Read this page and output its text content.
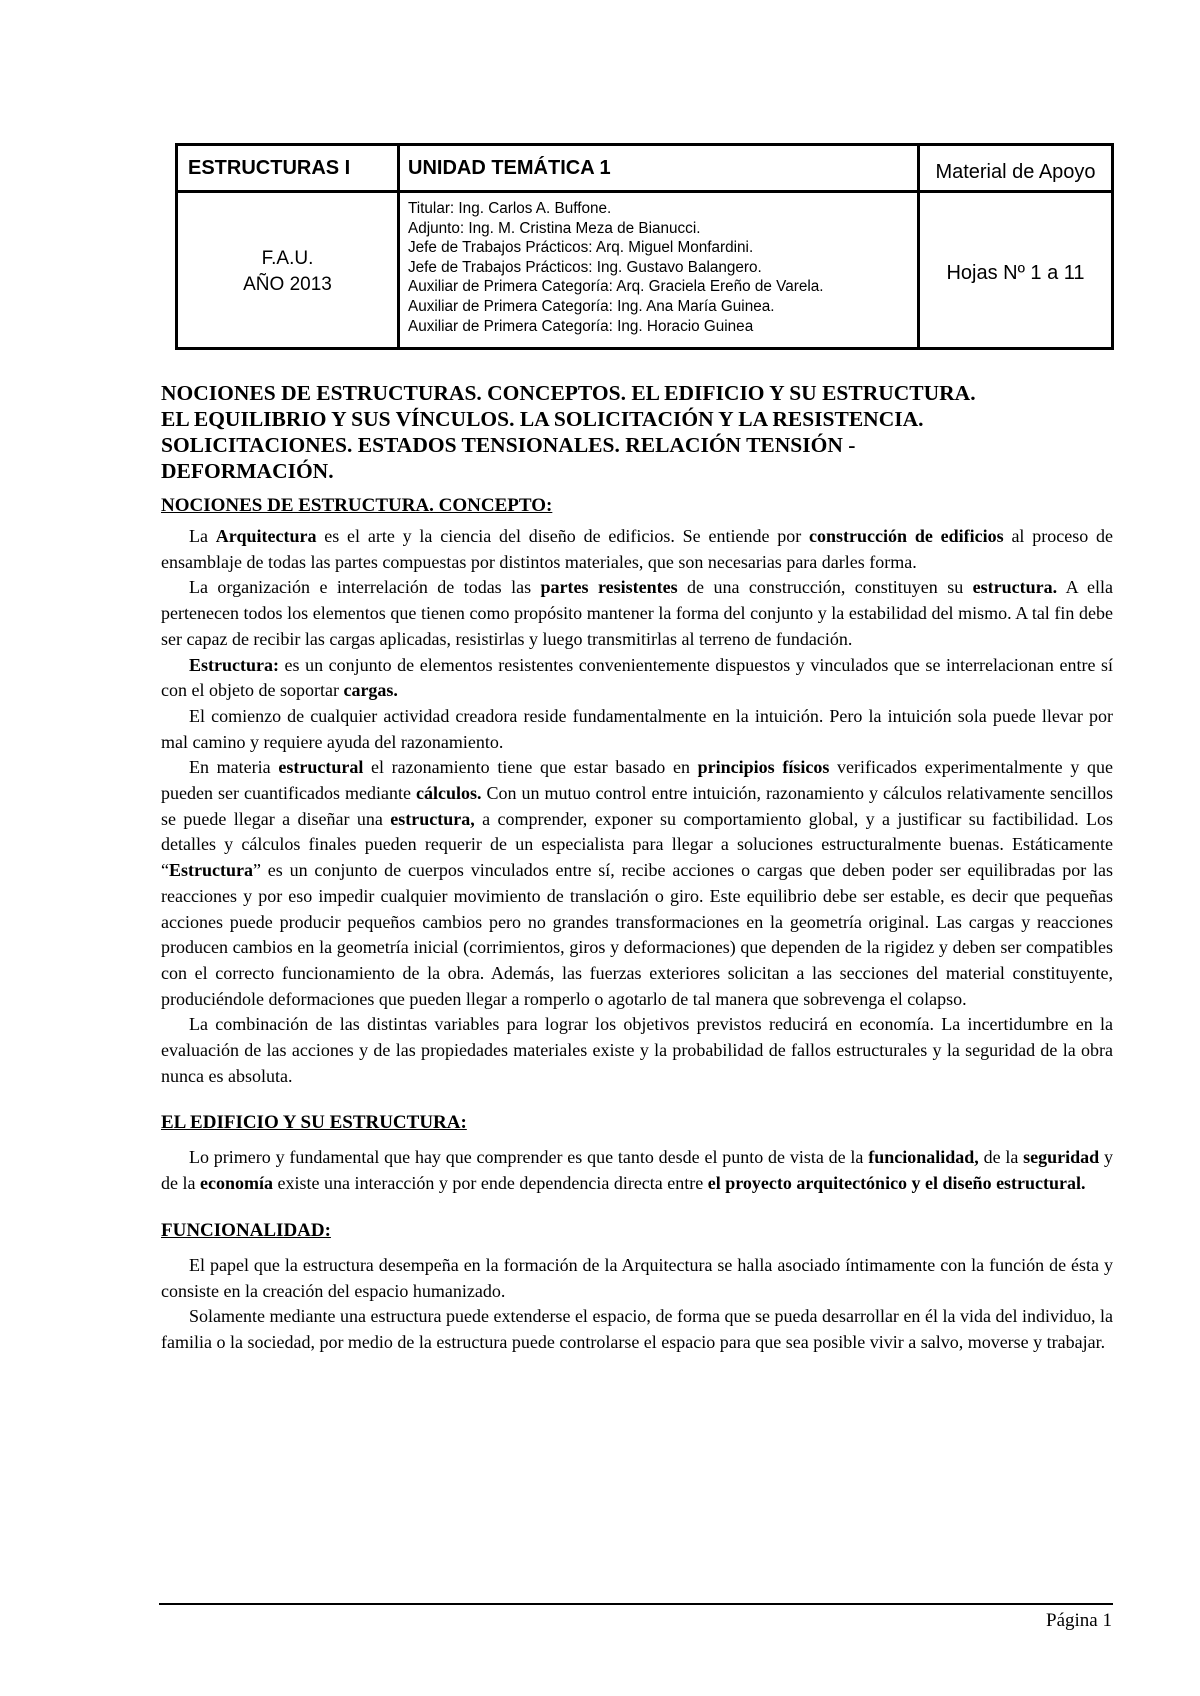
ESTRUCTURAS I
F.A.U.
AÑO 2013
UNIDAD TEMÁTICA 1
Titular: Ing. Carlos A. Buffone.
Adjunto: Ing. M. Cristina Meza de Bianucci.
Jefe de Trabajos Prácticos: Arq. Miguel Monfardini.
Jefe de Trabajos Prácticos: Ing. Gustavo Balangero.
Auxiliar de Primera Categoría: Arq. Graciela Ereño de Varela.
Auxiliar de Primera Categoría: Ing. Ana María Guinea.
Auxiliar de Primera Categoría: Ing. Horacio Guinea
Material de Apoyo
Hojas Nº 1 a 11
NOCIONES DE ESTRUCTURAS. CONCEPTOS. EL EDIFICIO Y SU ESTRUCTURA.
EL EQUILIBRIO Y SUS VÍNCULOS. LA SOLICITACIÓN Y LA RESISTENCIA.
SOLICITACIONES. ESTADOS TENSIONALES. RELACIÓN TENSIÓN -
DEFORMACIÓN.
NOCIONES DE ESTRUCTURA. CONCEPTO:

La Arquitectura es el arte y la ciencia del diseño de edificios. Se entiende por construcción de edificios al proceso de ensamblaje de todas las partes compuestas por distintos materiales, que son necesarias para darles forma.

La organización e interrelación de todas las partes resistentes de una construcción, constituyen su estructura. A ella pertenecen todos los elementos que tienen como propósito mantener la forma del conjunto y la estabilidad del mismo. A tal fin debe ser capaz de recibir las cargas aplicadas, resistirlas y luego transmitirlas al terreno de fundación.

Estructura: es un conjunto de elementos resistentes convenientemente dispuestos y vinculados que se interrelacionan entre sí con el objeto de soportar cargas.

El comienzo de cualquier actividad creadora reside fundamentalmente en la intuición. Pero la intuición sola puede llevar por mal camino y requiere ayuda del razonamiento.

En materia estructural el razonamiento tiene que estar basado en principios físicos verificados experimentalmente y que pueden ser cuantificados mediante cálculos. Con un mutuo control entre intuición, razonamiento y cálculos relativamente sencillos se puede llegar a diseñar una estructura, a comprender, exponer su comportamiento global, y a justificar su factibilidad. Los detalles y cálculos finales pueden requerir de un especialista para llegar a soluciones estructuralmente buenas. Estáticamente “Estructura” es un conjunto de cuerpos vinculados entre sí, recibe acciones o cargas que deben poder ser equilibradas por las reacciones y por eso impedir cualquier movimiento de translación o giro. Este equilibrio debe ser estable, es decir que pequeñas acciones puede producir pequeños cambios pero no grandes transformaciones en la geometría original. Las cargas y reacciones producen cambios en la geometría inicial (corrimientos, giros y deformaciones) que dependen de la rigidez y deben ser compatibles con el correcto funcionamiento de la obra. Además, las fuerzas exteriores solicitan a las secciones del material constituyente, produciéndole deformaciones que pueden llegar a romperlo o agotarlo de tal manera que sobrevenga el colapso.

La combinación de las distintas variables para lograr los objetivos previstos reducirá en economía. La incertidumbre en la evaluación de las acciones y de las propiedades materiales existe y la probabilidad de fallos estructurales y la seguridad de la obra nunca es absoluta.

EL EDIFICIO Y SU ESTRUCTURA:

Lo primero y fundamental que hay que comprender es que tanto desde el punto de vista de la funcionalidad, de la seguridad y de la economía existe una interacción y por ende dependencia directa entre el proyecto arquitectónico y el diseño estructural.

FUNCIONALIDAD:

El papel que la estructura desempeña en la formación de la Arquitectura se halla asociado íntimamente con la función de ésta y consiste en la creación del espacio humanizado.

Solamente mediante una estructura puede extenderse el espacio, de forma que se pueda desarrollar en él la vida del individuo, la familia o la sociedad, por medio de la estructura puede controlarse el espacio para que sea posible vivir a salvo, moverse y trabajar.

Página 1
